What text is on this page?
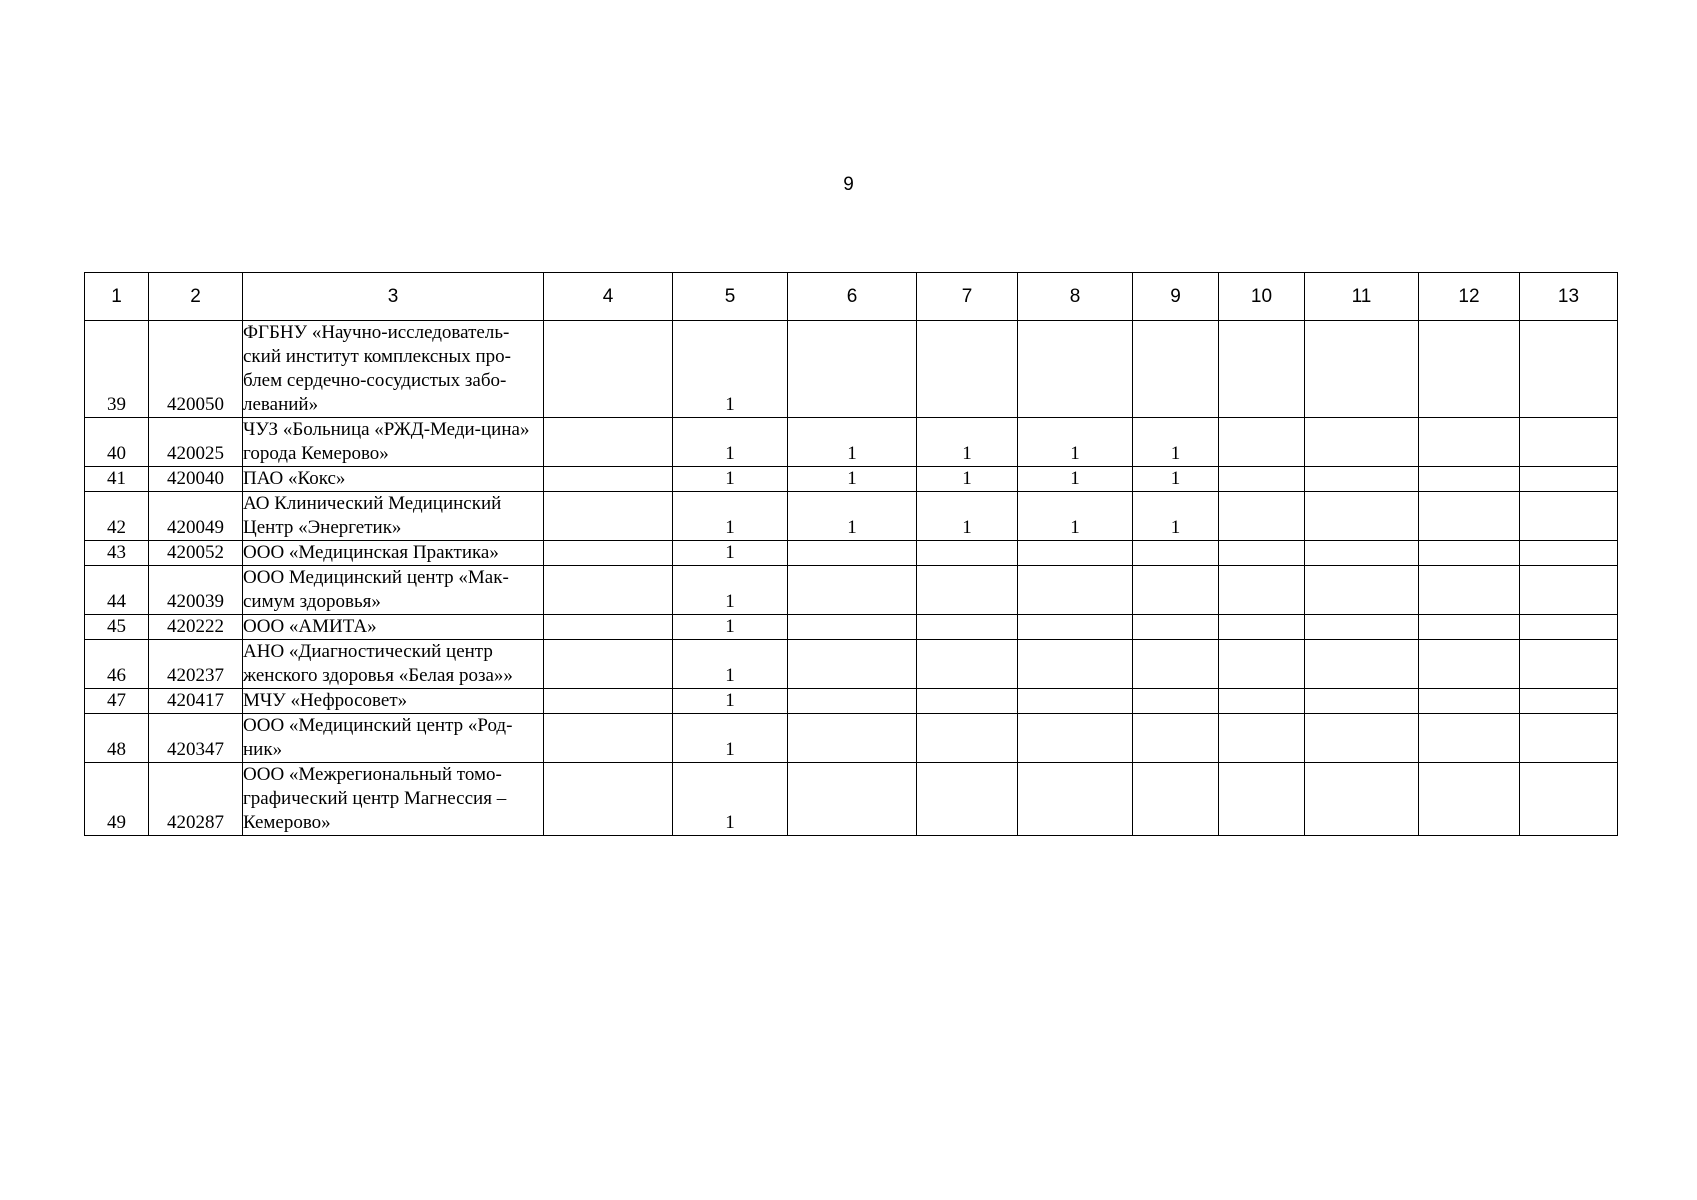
9
1	2	3	4	5	6	7	8	9	10	11	12	13
39	420050	ФГБНУ «Научно-исследователь-ский институт комплексных про-блем сердечно-сосудистых забо-леваний»		1								
40	420025	ЧУЗ «Больница «РЖД-Меди-цина» города Кемерово»		1	1	1	1	1				
41	420040	ПАО «Кокс»		1	1	1	1	1				
42	420049	АО Клинический Медицинский Центр «Энергетик»		1	1	1	1	1				
43	420052	ООО «Медицинская Практика»		1								
44	420039	ООО Медицинский центр «Мак-симум здоровья»		1								
45	420222	ООО «АМИТА»		1								
46	420237	АНО «Диагностический центр женского здоровья «Белая роза»»		1								
47	420417	МЧУ «Нефросовет»		1								
48	420347	ООО «Медицинский центр «Род-ник»		1								
49	420287	ООО «Межрегиональный томо-графический центр Магнессия – Кемерово»		1								
